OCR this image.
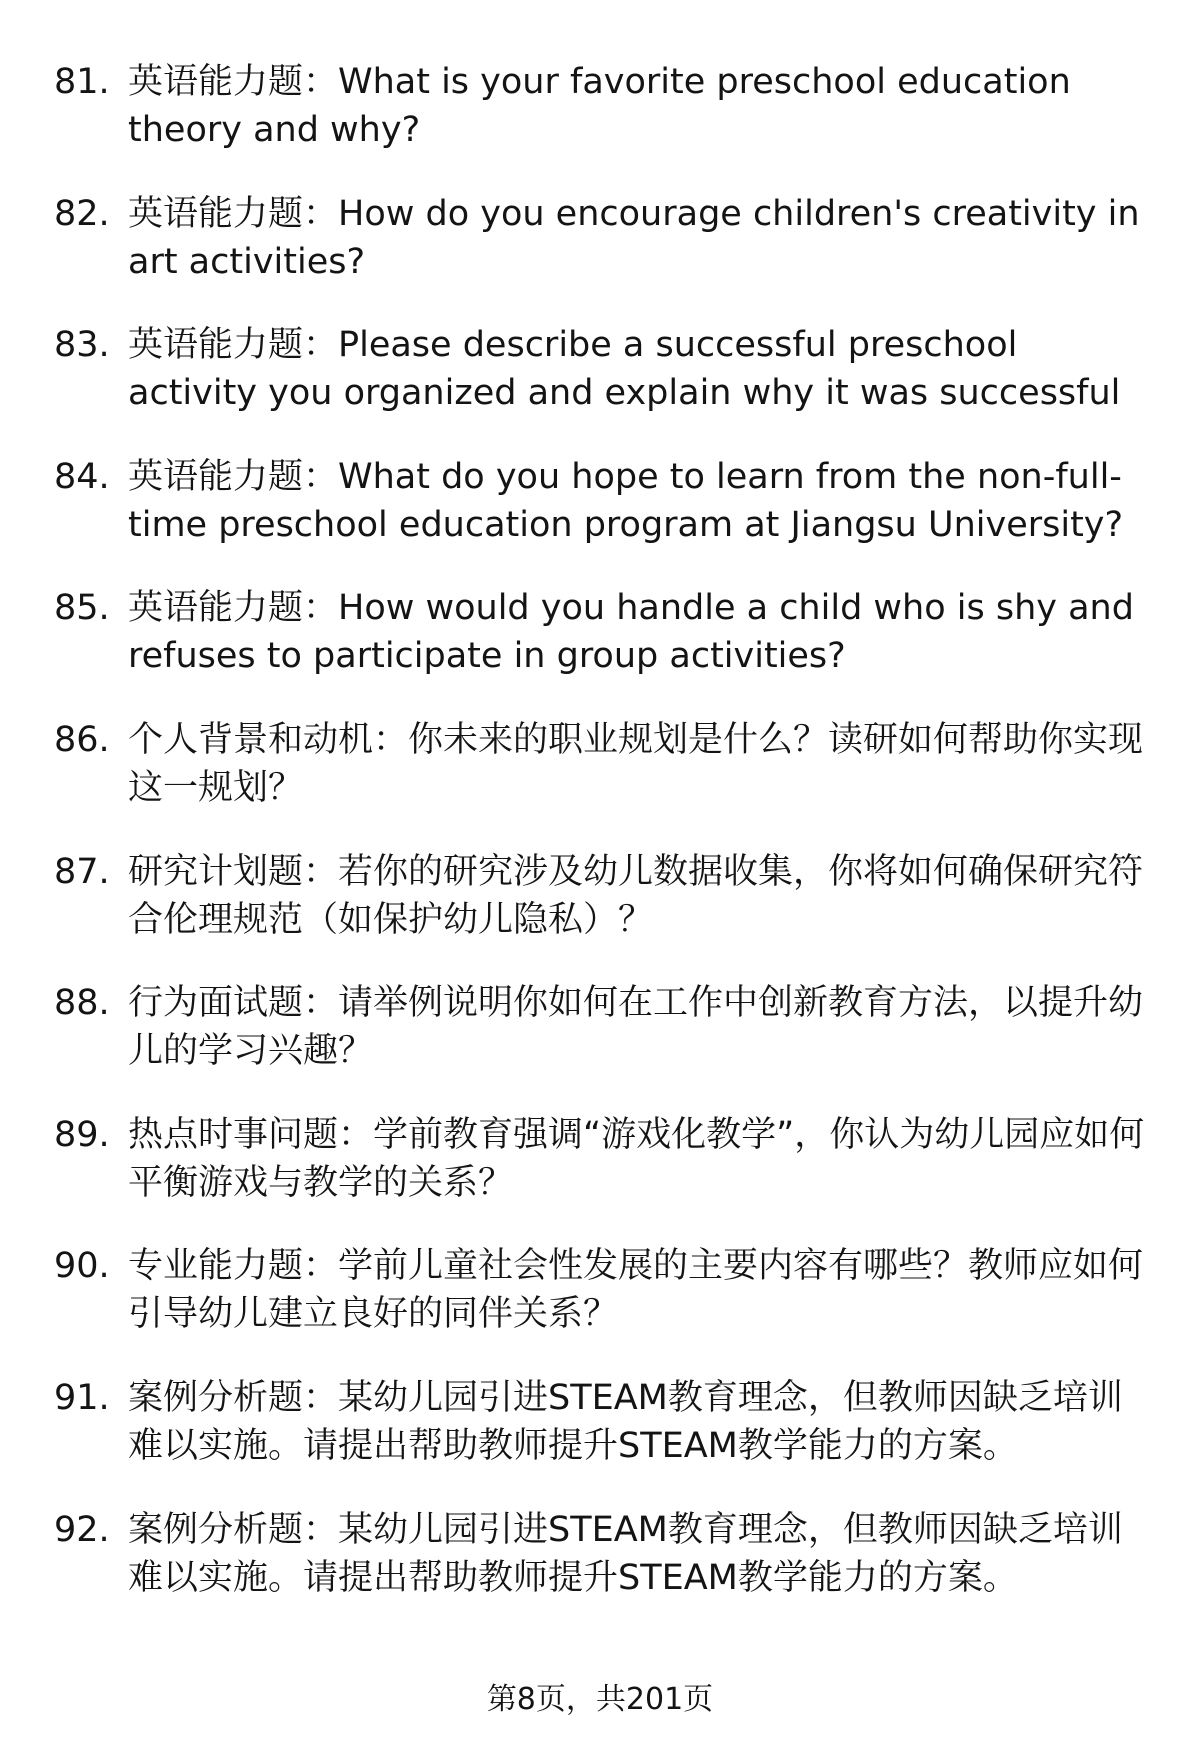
81. 英语能力题：What is your favorite preschool education theory and why?
82. 英语能力题：How do you encourage children's creativity in art activities?
83. 英语能力题：Please describe a successful preschool activity you organized and explain why it was successful
84. 英语能力题：What do you hope to learn from the non-full-time preschool education program at Jiangsu University?
85. 英语能力题：How would you handle a child who is shy and refuses to participate in group activities?
86. 个人背景和动机：你未来的职业规划是什么？读研如何帮助你实现这一规划？
87. 研究计划题：若你的研究涉及幼儿数据收集，你将如何确保研究符合伦理规范（如保护幼儿隐私）？
88. 行为面试题：请举例说明你如何在工作中创新教育方法，以提升幼儿的学习兴趣？
89. 热点时事问题：学前教育强调“游戏化教学”，你认为幼儿园应如何平衡游戏与教学的关系？
90. 专业能力题：学前儿童社会性发展的主要内容有哪些？教师应如何引导幼儿建立良好的同伴关系？
91. 案例分析题：某幼儿园引进STEAM教育理念，但教师因缺乏培训难以实施。请提出帮助教师提升STEAM教学能力的方案。
92. 案例分析题：某幼儿园引进STEAM教育理念，但教师因缺乏培训难以实施。请提出帮助教师提升STEAM教学能力的方案。
第8页，共201页
